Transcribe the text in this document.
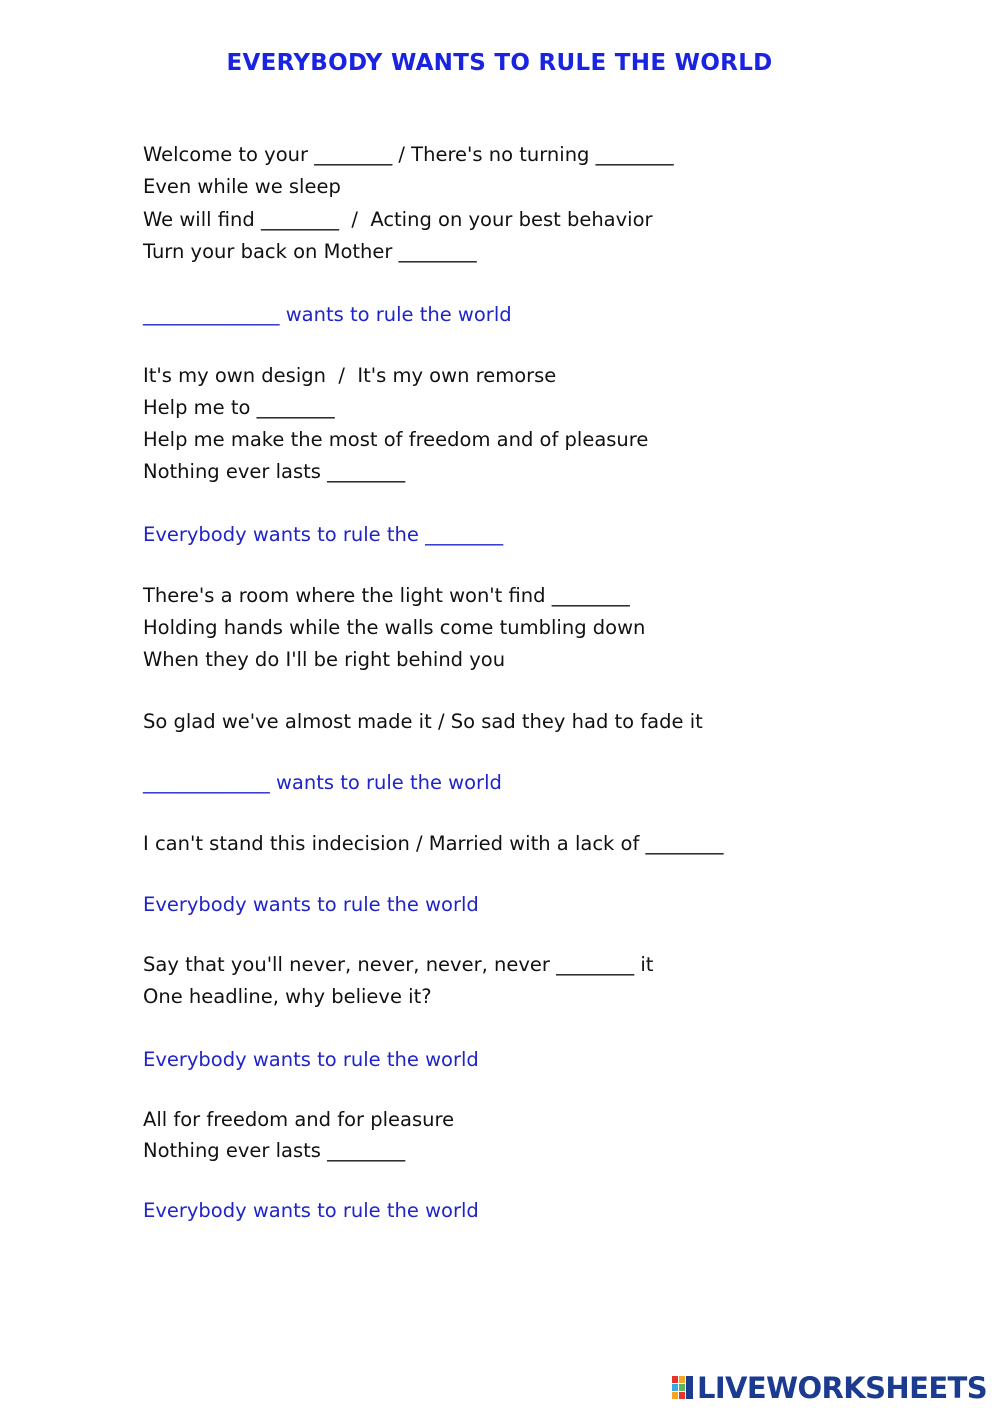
EVERYBODY WANTS TO RULE THE WORLD

Welcome to your ________ / There's no turning ________

Even while we sleep

We will find ________  /  Acting on your best behavior

Turn your back on Mother ________

______________ wants to rule the world

It's my own design  /  It's my own remorse

Help me to ________

Help me make the most of freedom and of pleasure

Nothing ever lasts ________

Everybody wants to rule the ________

There's a room where the light won't find ________

Holding hands while the walls come tumbling down

When they do I'll be right behind you

So glad we've almost made it / So sad they had to fade it

_____________ wants to rule the world

I can't stand this indecision / Married with a lack of ________

Everybody wants to rule the world

Say that you'll never, never, never, never ________ it

One headline, why believe it?

Everybody wants to rule the world

All for freedom and for pleasure

Nothing ever lasts ________

Everybody wants to rule the world

LIVEWORKSHEETS
